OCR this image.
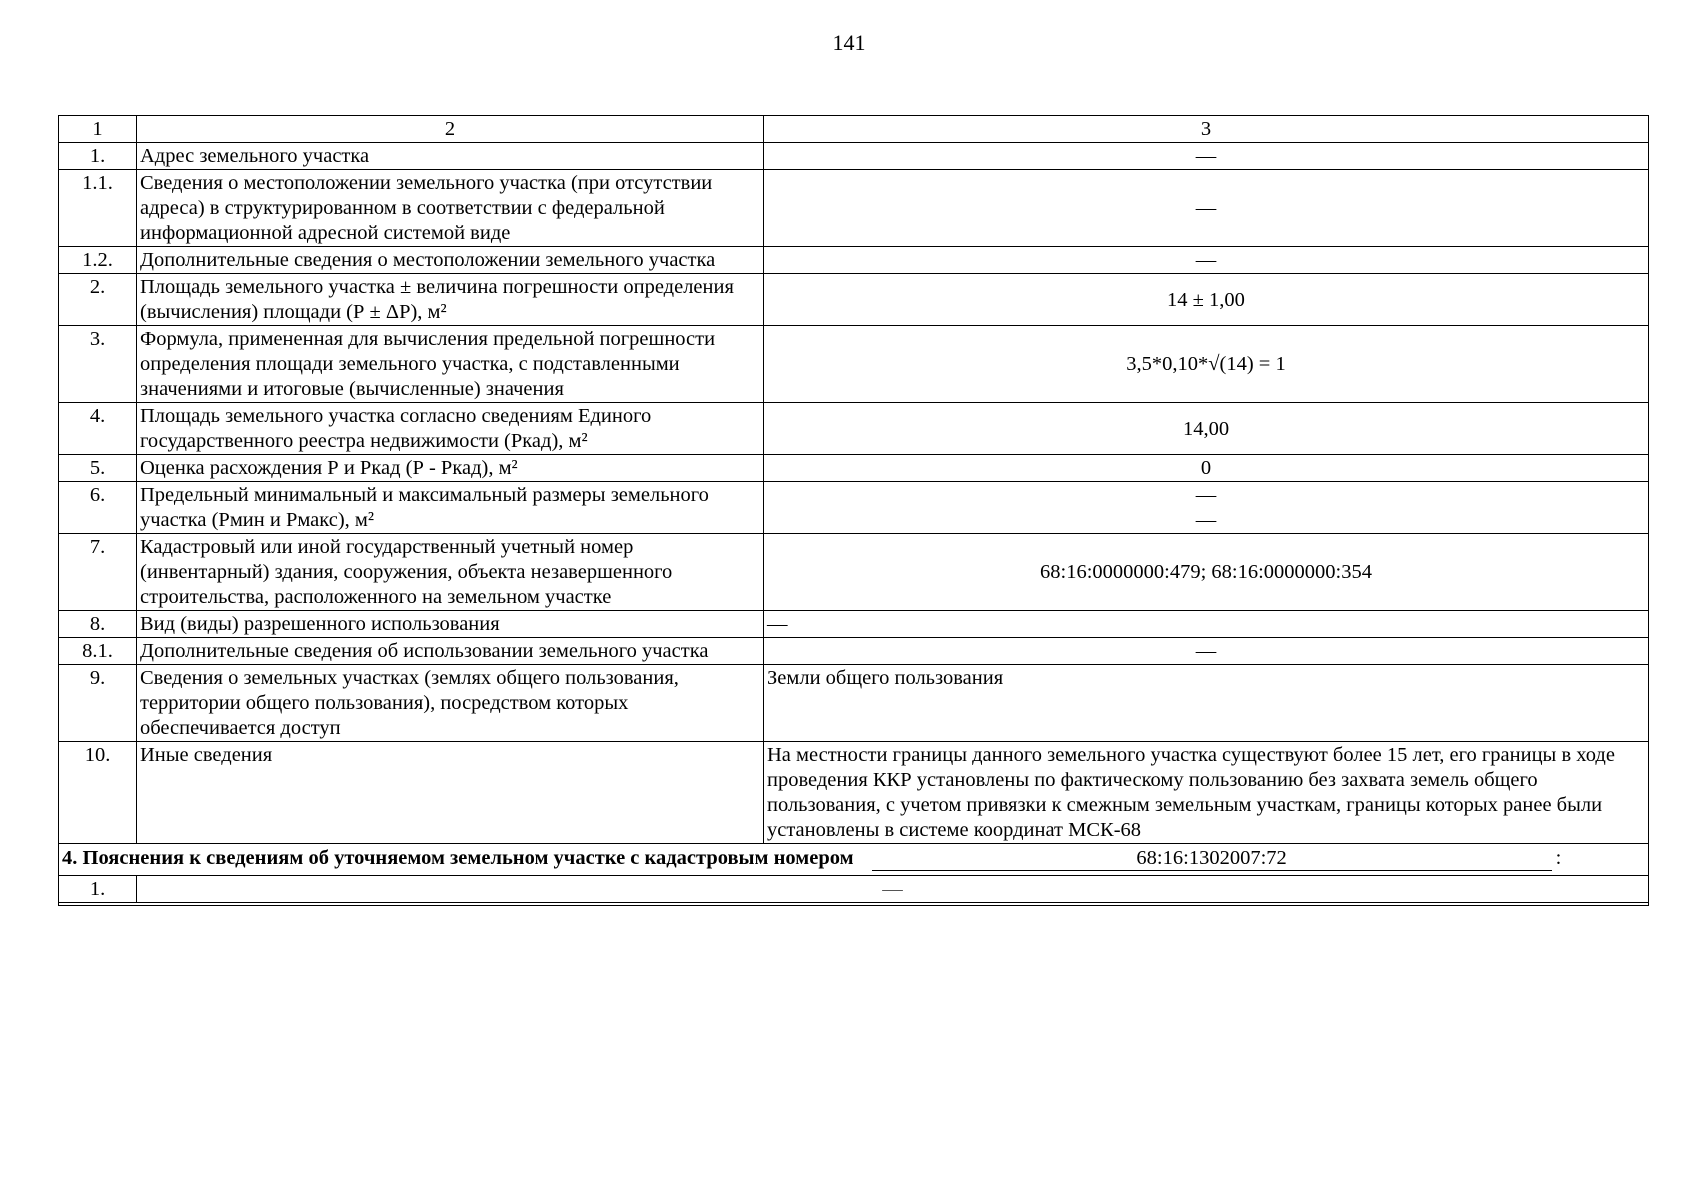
141
1	2	3
1.	Адрес земельного участка	—
1.1.	Сведения о местоположении земельного участка (при отсутствии адреса) в структурированном в соответствии с федеральной информационной адресной системой виде	—
1.2.	Дополнительные сведения о местоположении земельного участка	—
2.	Площадь земельного участка ± величина погрешности определения (вычисления) площади (Р ± ΔР), м²	14 ± 1,00
3.	Формула, примененная для вычисления предельной погрешности определения площади земельного участка, с подставленными значениями и итоговые (вычисленные) значения	3,5*0,10*√(14) = 1
4.	Площадь земельного участка согласно сведениям Единого государственного реестра недвижимости (Ркад), м²	14,00
5.	Оценка расхождения Р и Ркад (Р - Ркад), м²	0
6.	Предельный минимальный и максимальный размеры земельного участка (Рмин и Рмакс), м²	—
—

7.	Кадастровый или иной государственный учетный номер (инвентарный) здания, сооружения, объекта незавершенного строительства, расположенного на земельном участке	68:16:0000000:479; 68:16:0000000:354
8.	Вид (виды) разрешенного использования	—
8.1.	Дополнительные сведения об использовании земельного участка	—
9.	Сведения о земельных участках (землях общего пользования, территории общего пользования), посредством которых обеспечивается доступ	Земли общего пользования
10.	Иные сведения	На местности границы данного земельного участка существуют более 15 лет, его границы в ходе проведения ККР установлены по фактическому пользованию без захвата земель общего пользования, с учетом привязки к смежным земельным участкам, границы которых ранее были установлены в системе координат МСК-68

4. Пояснения к сведениям об уточняемом земельном участке с кадастровым номером 68:16:1302007:72 :		

1.	—	
